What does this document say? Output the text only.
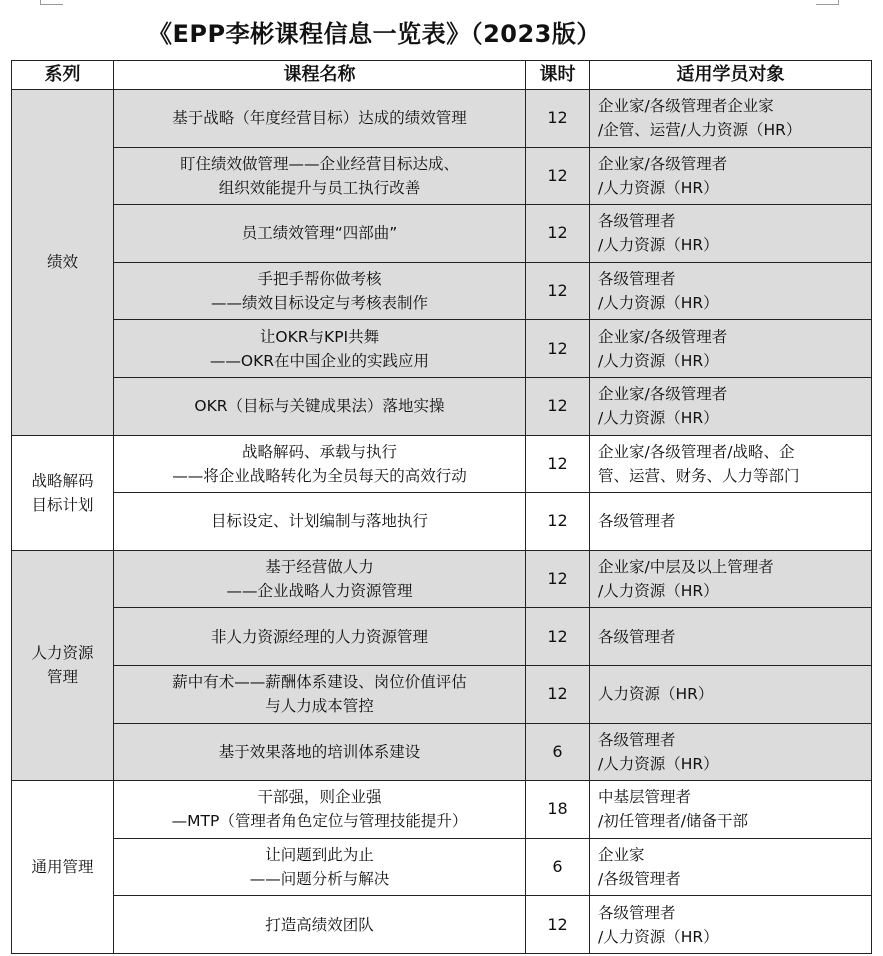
《EPP李彬课程信息一览表》（2023版）
系列	课程名称	课时	适用学员对象

绩效	基于战略（年度经营目标）达成的绩效管理	12	企业家/各级管理者企业家
/企管、运营/人力资源（HR）

	盯住绩效做管理——企业经营目标达成、
组织效能提升与员工执行改善	12	企业家/各级管理者
/人力资源（HR）

	员工绩效管理“四部曲”	12	各级管理者
/人力资源（HR）

	手把手帮你做考核
——绩效目标设定与考核表制作	12	各级管理者
/人力资源（HR）

	让OKR与KPI共舞
——OKR在中国企业的实践应用	12	企业家/各级管理者
/人力资源（HR）

	OKR（目标与关键成果法）落地实操	12	企业家/各级管理者
/人力资源（HR）

战略解码
目标计划	战略解码、承载与执行
——将企业战略转化为全员每天的高效行动	12	企业家/各级管理者/战略、企
管、运营、财务、人力等部门

	目标设定、计划编制与落地执行	12	各级管理者

人力资源
管理	基于经营做人力
——企业战略人力资源管理	12	企业家/中层及以上管理者
/人力资源（HR）

	非人力资源经理的人力资源管理	12	各级管理者

	薪中有术——薪酬体系建设、岗位价值评估
与人力成本管控	12	人力资源（HR）

	基于效果落地的培训体系建设	6	各级管理者
/人力资源（HR）

通用管理	干部强，则企业强
—MTP（管理者角色定位与管理技能提升）	18	中基层管理者
/初任管理者/储备干部

	让问题到此为止
——问题分析与解决	6	企业家
/各级管理者

	打造高绩效团队	12	各级管理者
/人力资源（HR）
